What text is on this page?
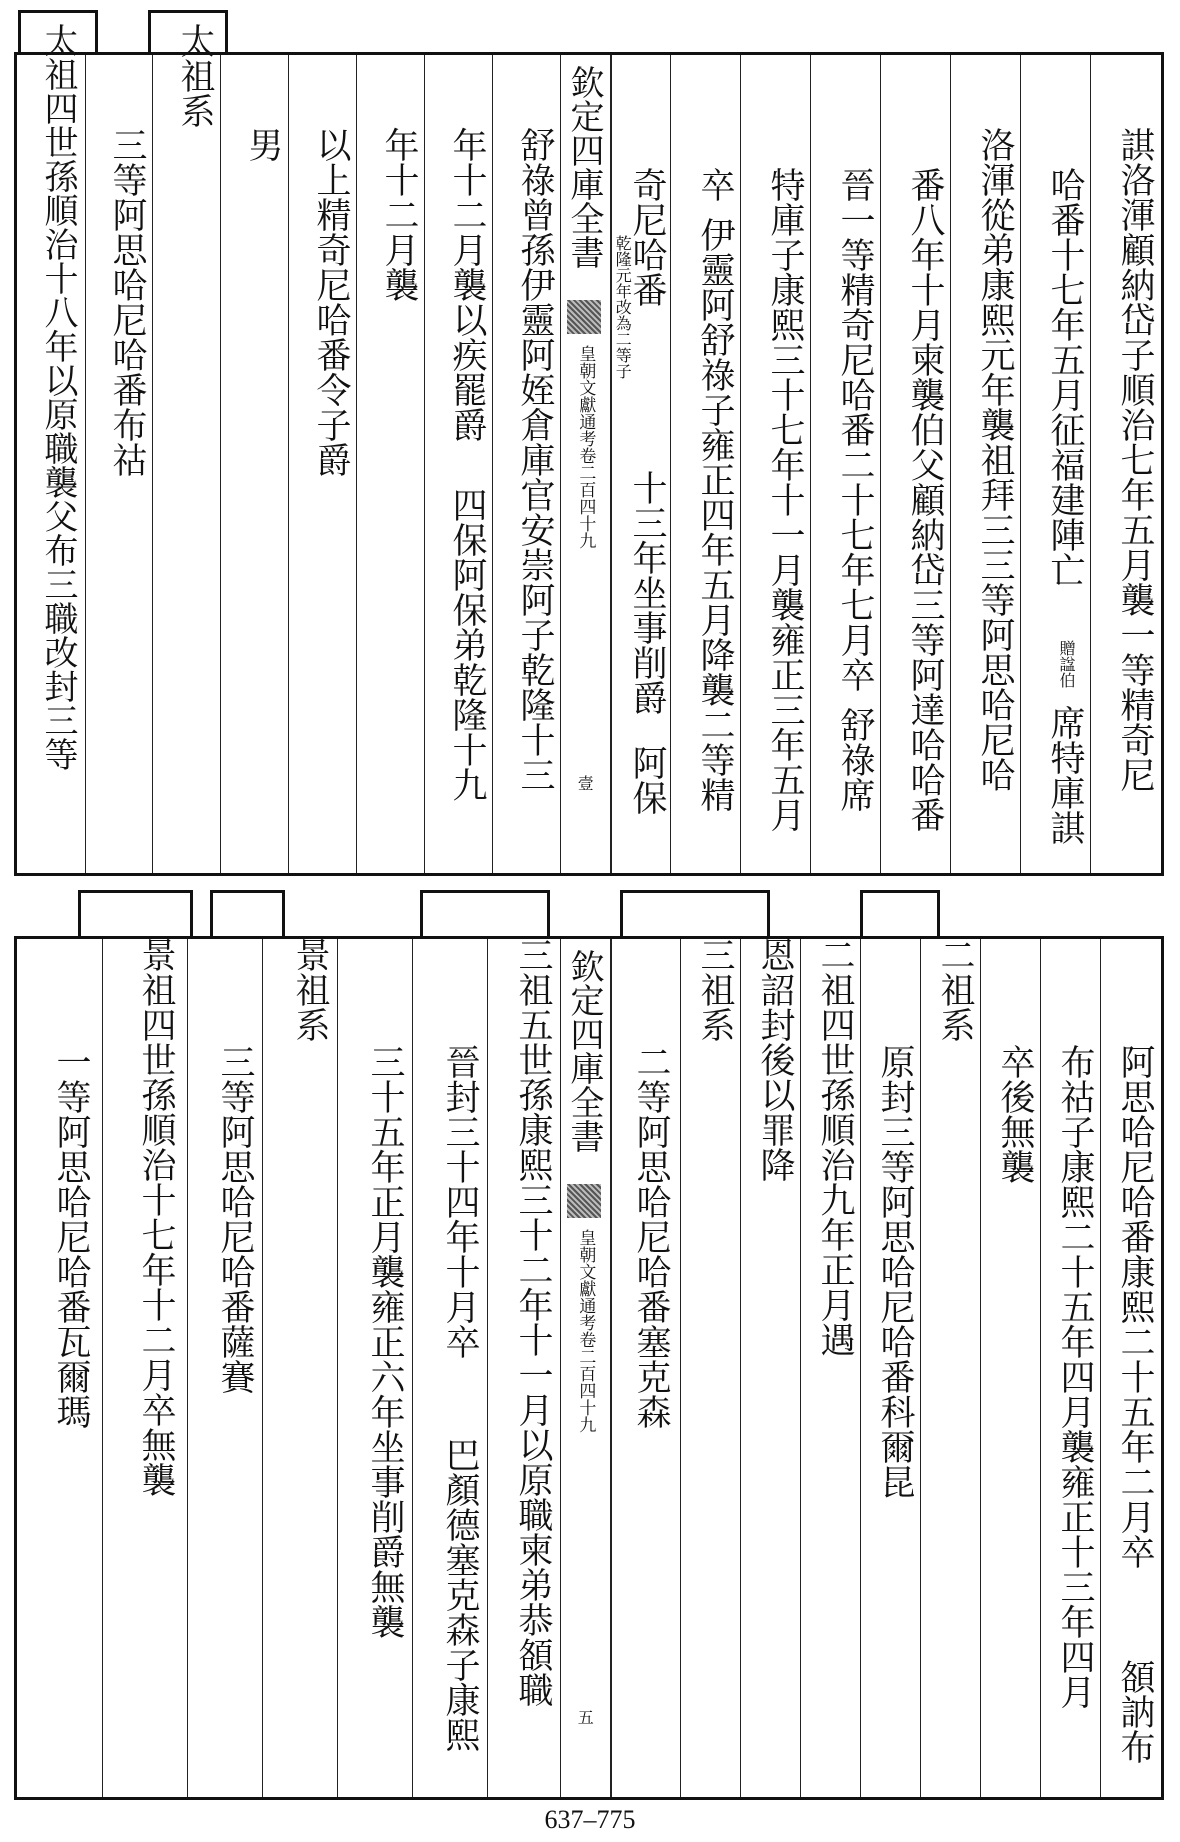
諆洛渾顧納岱子順治七年五月襲一等精奇尼
哈番十七年五月征福建陣亡
贈諡伯
席特庫諆
洛渾從弟康熙元年襲祖拜三三等阿思哈尼哈
番八年十月柬襲伯父顧納岱三等阿達哈哈番
晉一等精奇尼哈番二十七年七月卒
舒祿席
特庫子康熙三十七年十一月襲雍正三年五月
卒
伊靈阿舒祿子雍正四年五月降襲二等精
奇尼哈番
乾隆元年改為二等子
十三年坐事削爵
阿保
欽定四庫全書
皇朝文獻通考卷二百四十九
壹
舒祿曾孫伊靈阿姪倉庫官安崇阿子乾隆十三
年十二月襲以疾罷爵
四保阿保弟乾隆十九
年十二月襲
以上精奇尼哈番令子爵
男
太祖系
三等阿思哈尼哈番布祜
太祖四世孫順治十八年以原職襲父布三職改封三等
阿思哈尼哈番康熙二十五年二月卒
頟訥布
布祜子康熙二十五年四月襲雍正十三年四月
卒後無襲
二祖系
原封三等阿思哈尼哈番科爾昆
二祖四世孫順治九年正月遇
恩詔封後以罪降
三祖系
二等阿思哈尼哈番塞克森
欽定四庫全書
皇朝文獻通考卷二百四十九
五
三祖五世孫康熙三十二年十一月以原職柬弟恭頟職
晉封三十四年十月卒
巴顏德塞克森子康熙
三十五年正月襲雍正六年坐事削爵無襲
景祖系
三等阿思哈尼哈番薩賽
景祖四世孫順治十七年十二月卒無襲
一等阿思哈尼哈番瓦爾瑪
637–775
